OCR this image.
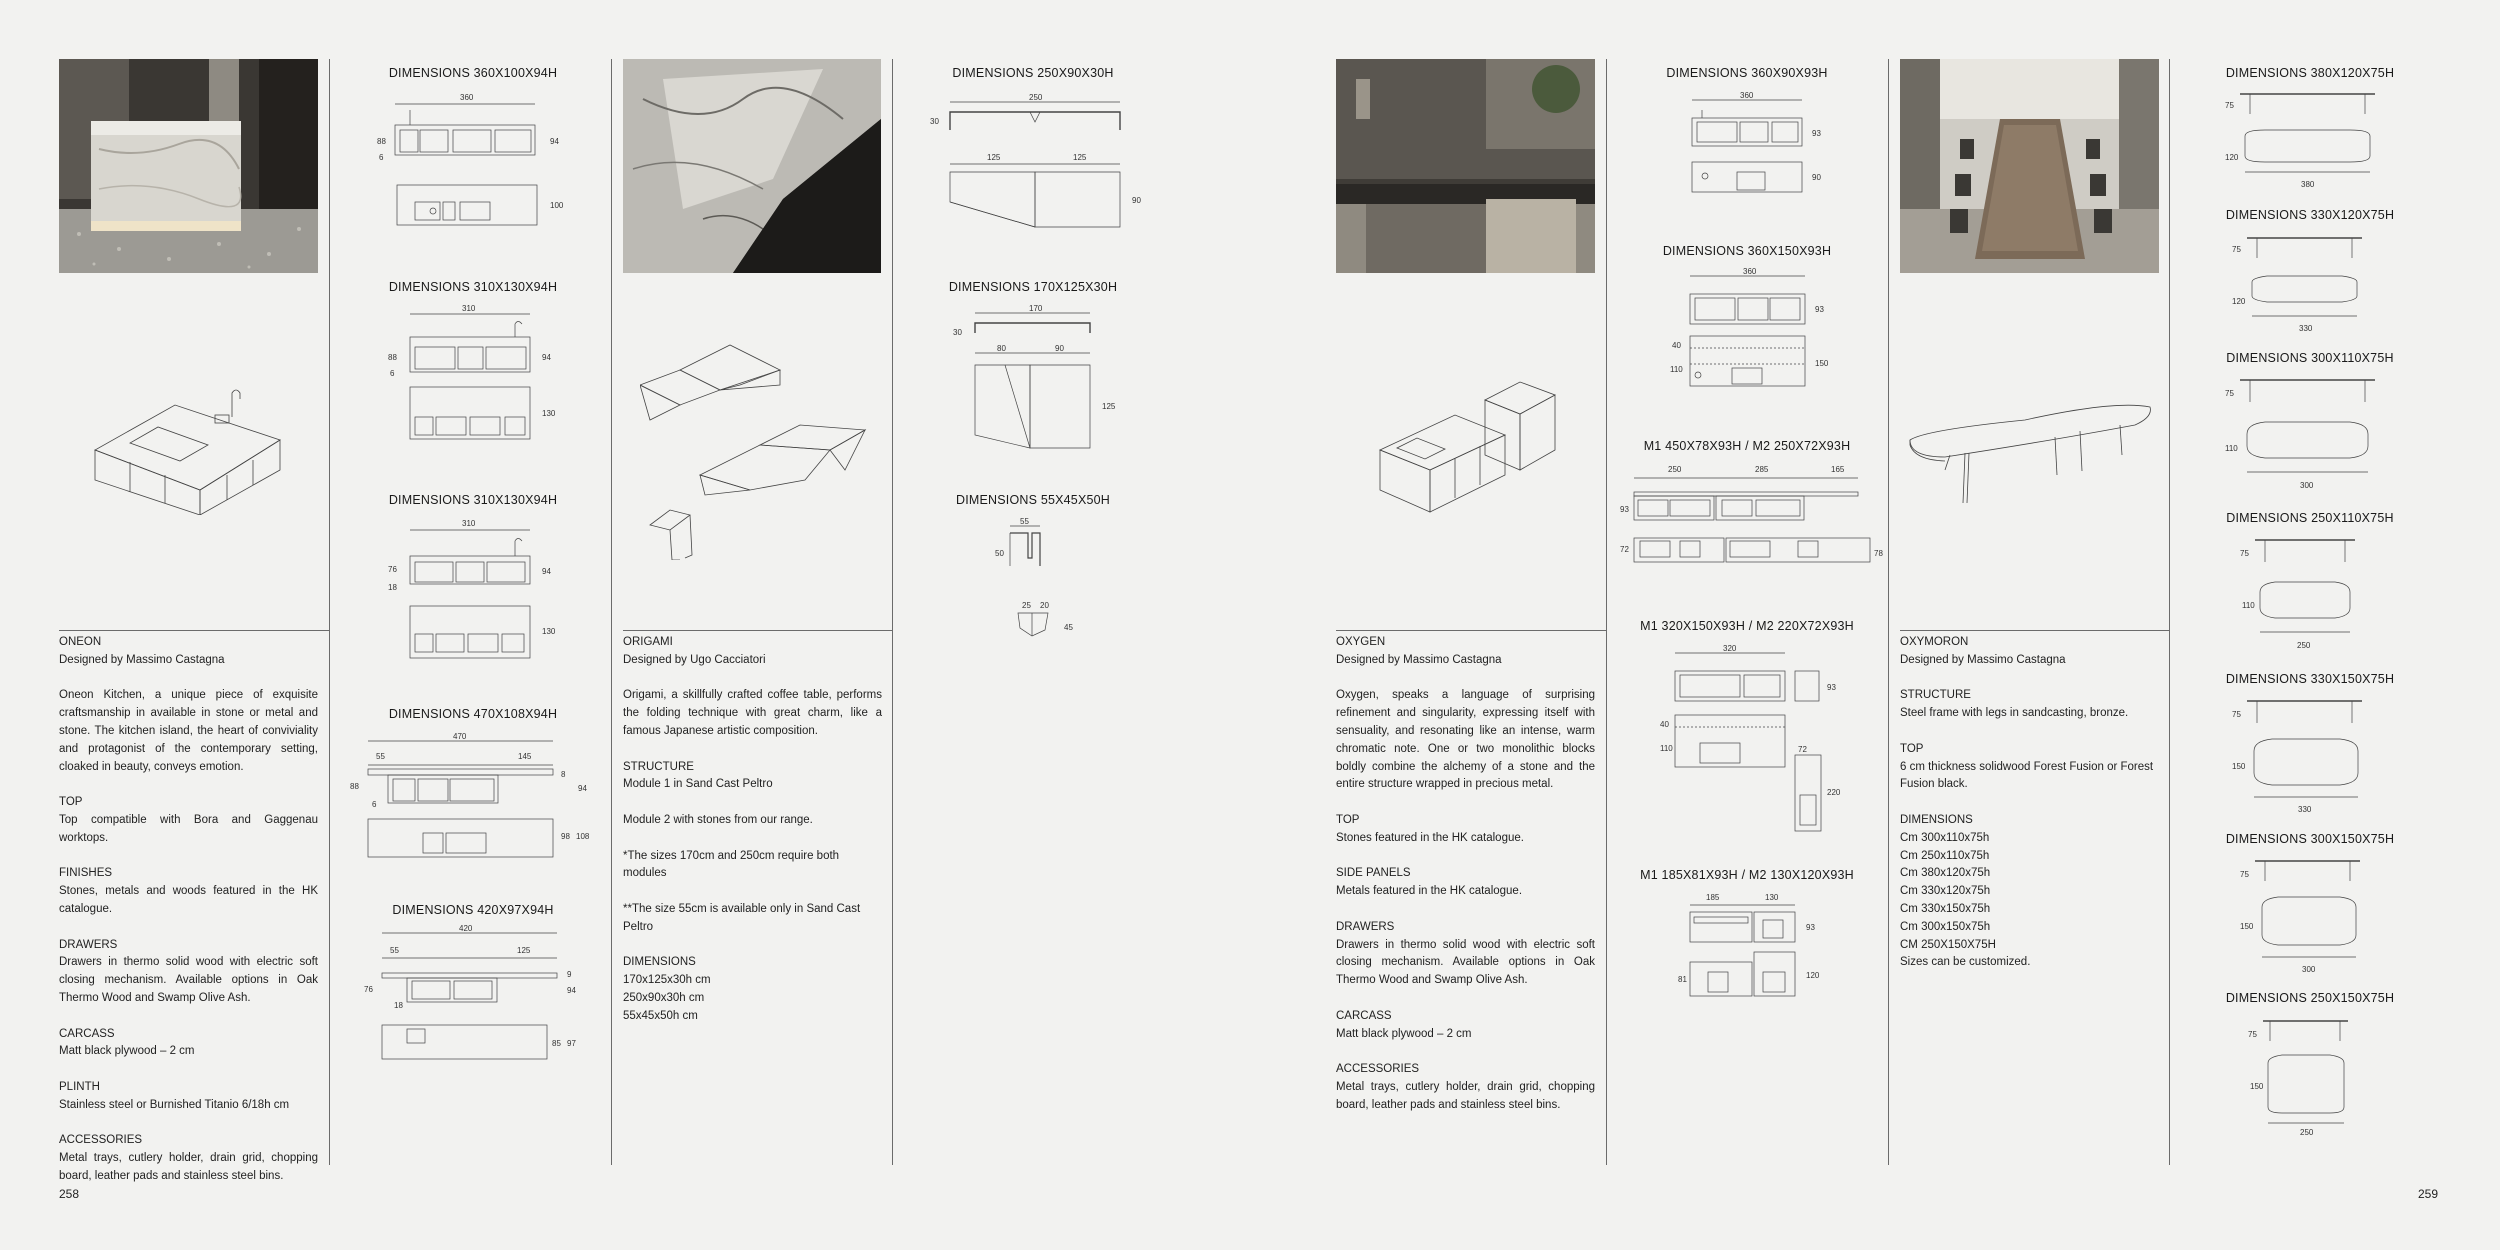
DIMENSIONS 360X100X94H
360
88
6
94
100
DIMENSIONS 310X130X94H
310
88
6
94
130
DIMENSIONS 310X130X94H
310
76
18
94
130
DIMENSIONS 470X108X94H
470
55	145
88
6
8
94
98 108
DIMENSIONS 420X97X94H
420
55	125
76
18
9
94
85 97
DIMENSIONS 250X90X30H
250
30
125	125
90
DIMENSIONS 170X125X30H
170
30
80	90
125
DIMENSIONS 55X45X50H
55
50
25 20
45
DIMENSIONS 360X90X93H
360
93
90
DIMENSIONS 360X150X93H
360
93
40
110
150
M1 450X78X93H / M2 250X72X93H
250	285	165
93
72	78
M1 320X150X93H / M2 220X72X93H
320
93
40
110	72
220
M1 185X81X93H / M2 130X120X93H
185	130
93
81	120
DIMENSIONS 380X120X75H
75
120
380
DIMENSIONS 330X120X75H
75
120
330
DIMENSIONS 300X110X75H
75
110
300
DIMENSIONS 250X110X75H
75
110
250
DIMENSIONS 330X150X75H
75
150
330
DIMENSIONS 300X150X75H
75
150
300
DIMENSIONS 250X150X75H
75
150
250
ONEON

Designed by Massimo Castagna

Oneon Kitchen, a unique piece of exquisite craftsmanship in available in stone or metal and stone. The kitchen island, the heart of conviviality and protagonist of the contemporary setting, cloaked in beauty, conveys emotion.

TOP

Top compatible with Bora and Gaggenau worktops.

FINISHES

Stones, metals and woods featured in the HK catalogue.

DRAWERS

Drawers in thermo solid wood with electric soft closing mechanism. Available options in Oak Thermo Wood and Swamp Olive Ash.

CARCASS

Matt black plywood – 2 cm

PLINTH

Stainless steel or Burnished Titanio 6/18h cm

ACCESSORIES

Metal trays, cutlery holder, drain grid, chopping board, leather pads and stainless steel bins.

ORIGAMI

Designed by Ugo Cacciatori

Origami, a skillfully crafted coffee table, performs the folding technique with great charm, like a famous Japanese artistic composition.

STRUCTURE

Module 1 in Sand Cast Peltro

Module 2 with stones from our range.

*The sizes 170cm and 250cm require both modules

**The size 55cm is available only in Sand Cast Peltro

DIMENSIONS
170x125x30h cm
250x90x30h cm
55x45x50h cm
OXYGEN

Designed by Massimo Castagna

Oxygen, speaks a language of surprising refinement and singularity, expressing itself with sensuality, and resonating like an intense, warm chromatic note. One or two monolithic blocks boldly combine the alchemy of a stone and the entire structure wrapped in precious metal.

TOP

Stones featured in the HK catalogue.

SIDE PANELS

Metals featured in the HK catalogue.

DRAWERS

Drawers in thermo solid wood with electric soft closing mechanism. Available options in Oak Thermo Wood and Swamp Olive Ash.

CARCASS

Matt black plywood – 2 cm

ACCESSORIES

Metal trays, cutlery holder, drain grid, chopping board, leather pads and stainless steel bins.

OXYMORON

Designed by Massimo Castagna

STRUCTURE

Steel frame with legs in sandcasting, bronze.

TOP

6 cm thickness solidwood Forest Fusion or Forest Fusion black.

DIMENSIONS
Cm 300x110x75h
Cm 250x110x75h
Cm 380x120x75h
Cm 330x120x75h
Cm 330x150x75h
Cm 300x150x75h
CM 250X150X75H
Sizes can be customized.
258	259
